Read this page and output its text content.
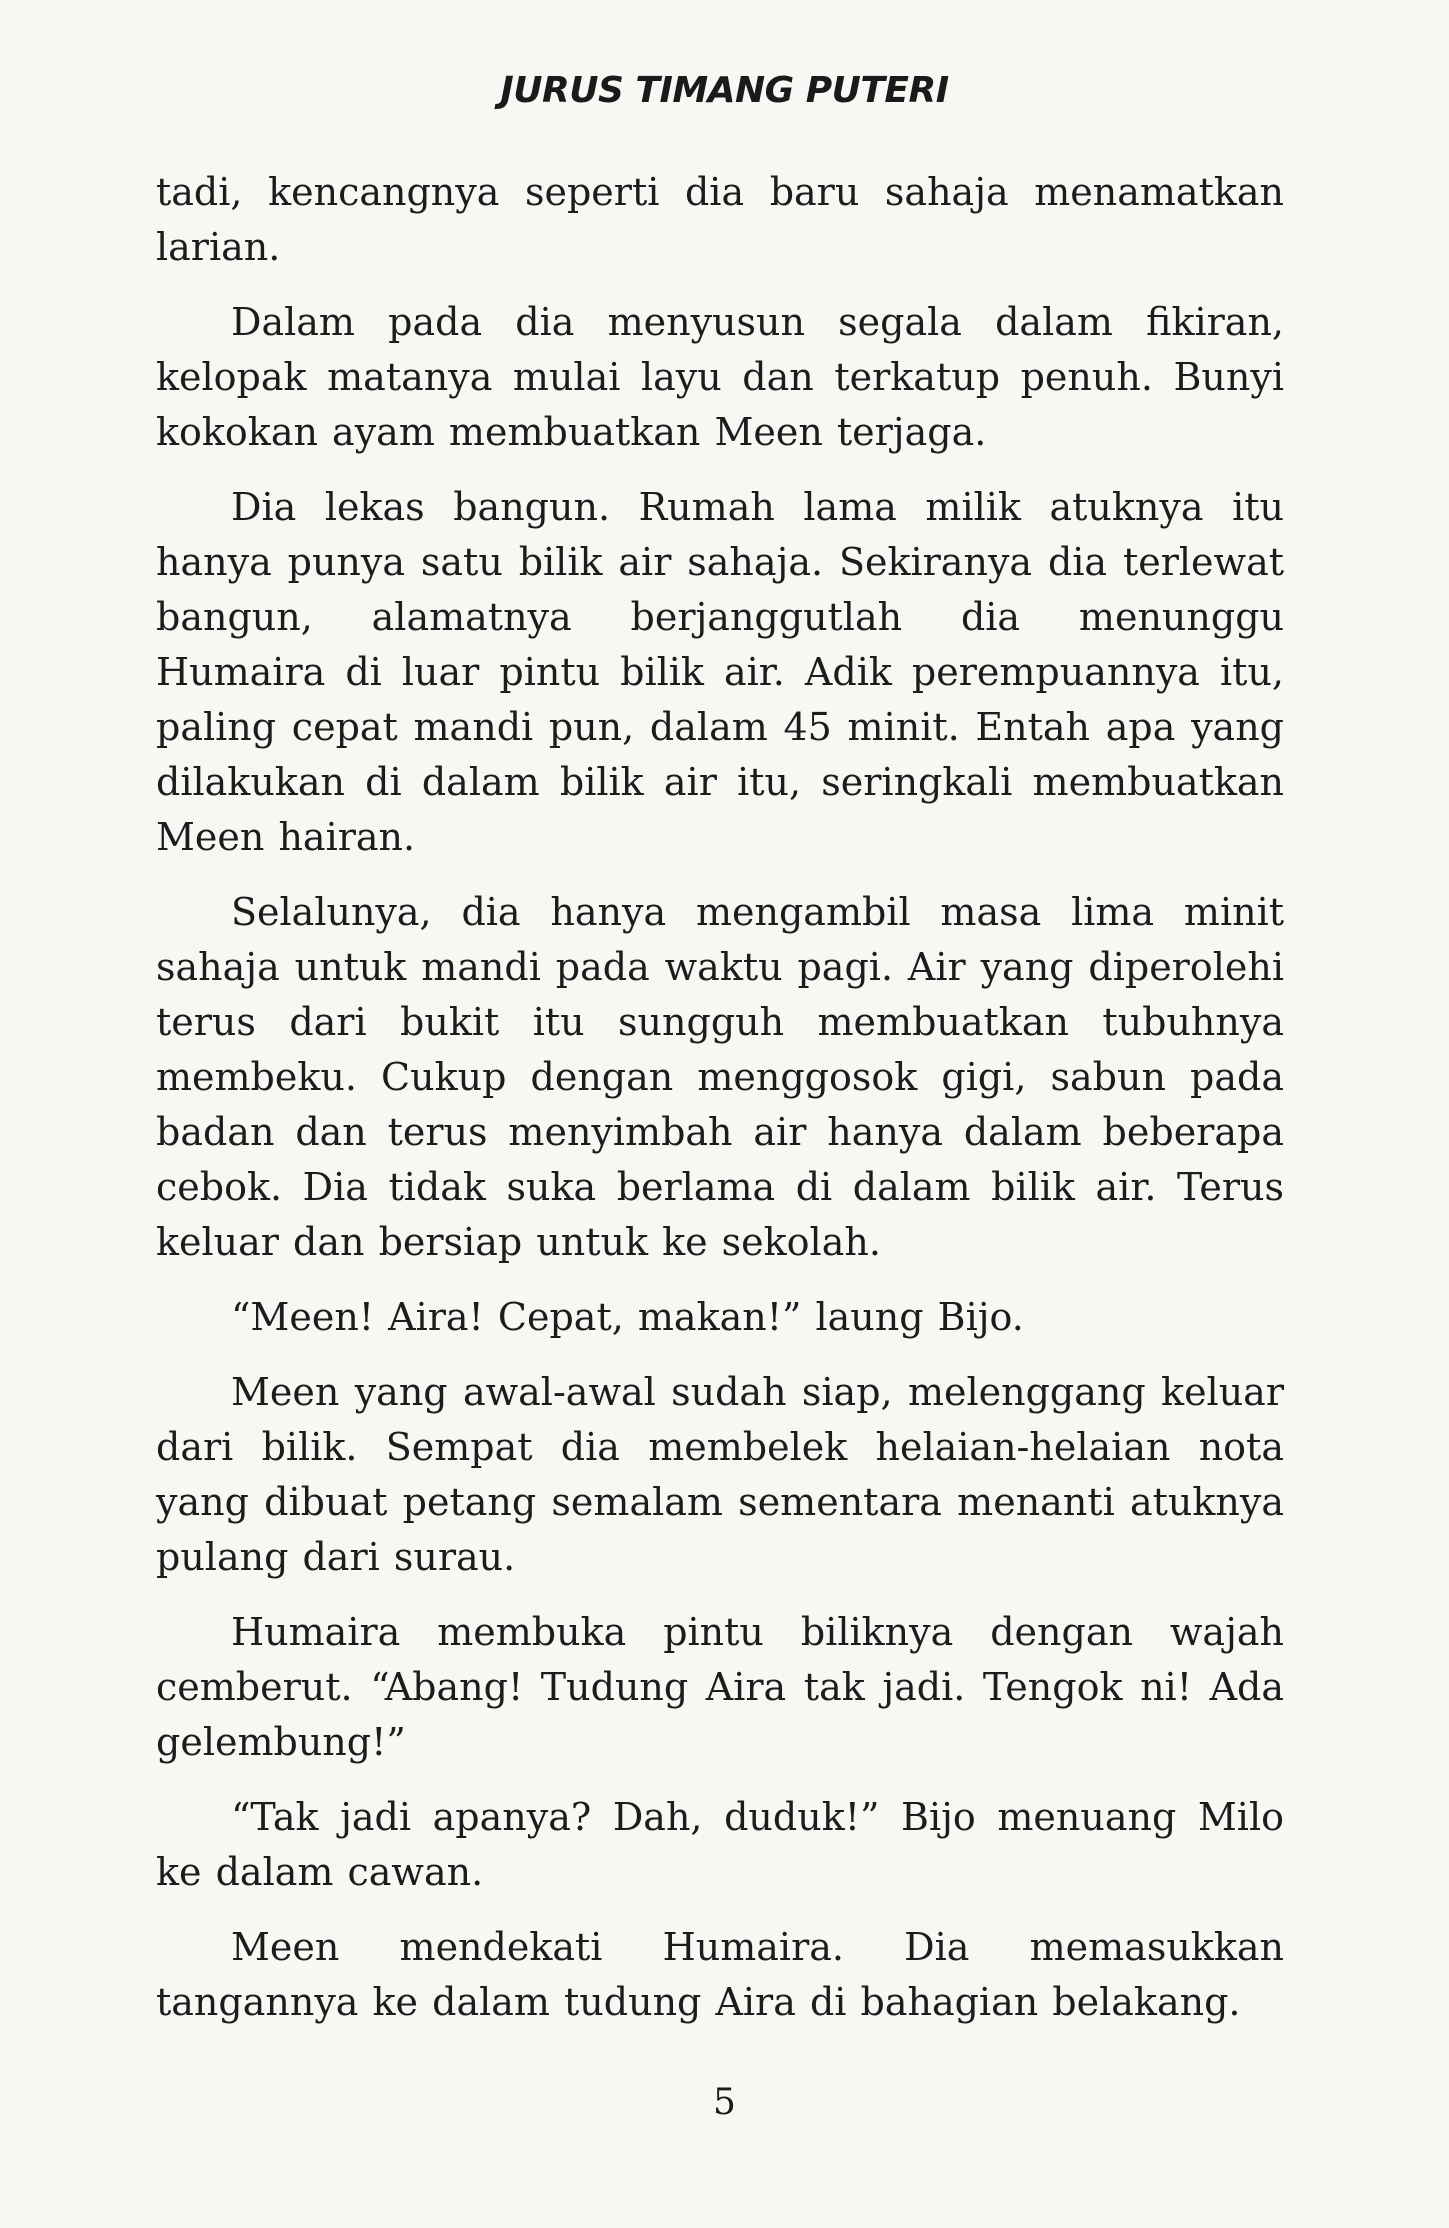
JURUS TIMANG PUTERI

tadi, kencangnya seperti dia baru sahaja menamatkan larian.

Dalam pada dia menyusun segala dalam fikiran, kelopak matanya mulai layu dan terkatup penuh. Bunyi kokokan ayam membuatkan Meen terjaga.

Dia lekas bangun. Rumah lama milik atuknya itu hanya punya satu bilik air sahaja. Sekiranya dia terlewat bangun, alamatnya berjanggutlah dia menunggu Humaira di luar pintu bilik air. Adik perempuannya itu, paling cepat mandi pun, dalam 45 minit. Entah apa yang dilakukan di dalam bilik air itu, seringkali membuatkan Meen hairan.

Selalunya, dia hanya mengambil masa lima minit sahaja untuk mandi pada waktu pagi. Air yang diperolehi terus dari bukit itu sungguh membuatkan tubuhnya membeku. Cukup dengan menggosok gigi, sabun pada badan dan terus menyimbah air hanya dalam beberapa cebok. Dia tidak suka berlama di dalam bilik air. Terus keluar dan bersiap untuk ke sekolah.

“Meen! Aira! Cepat, makan!” laung Bijo.

Meen yang awal-awal sudah siap, melenggang keluar dari bilik. Sempat dia membelek helaian-helaian nota yang dibuat petang semalam sementara menanti atuknya pulang dari surau.

Humaira membuka pintu biliknya dengan wajah cemberut. “Abang! Tudung Aira tak jadi. Tengok ni! Ada gelembung!”

“Tak jadi apanya? Dah, duduk!” Bijo menuang Milo ke dalam cawan.

Meen mendekati Humaira. Dia memasukkan tangannya ke dalam tudung Aira di bahagian belakang.

5
